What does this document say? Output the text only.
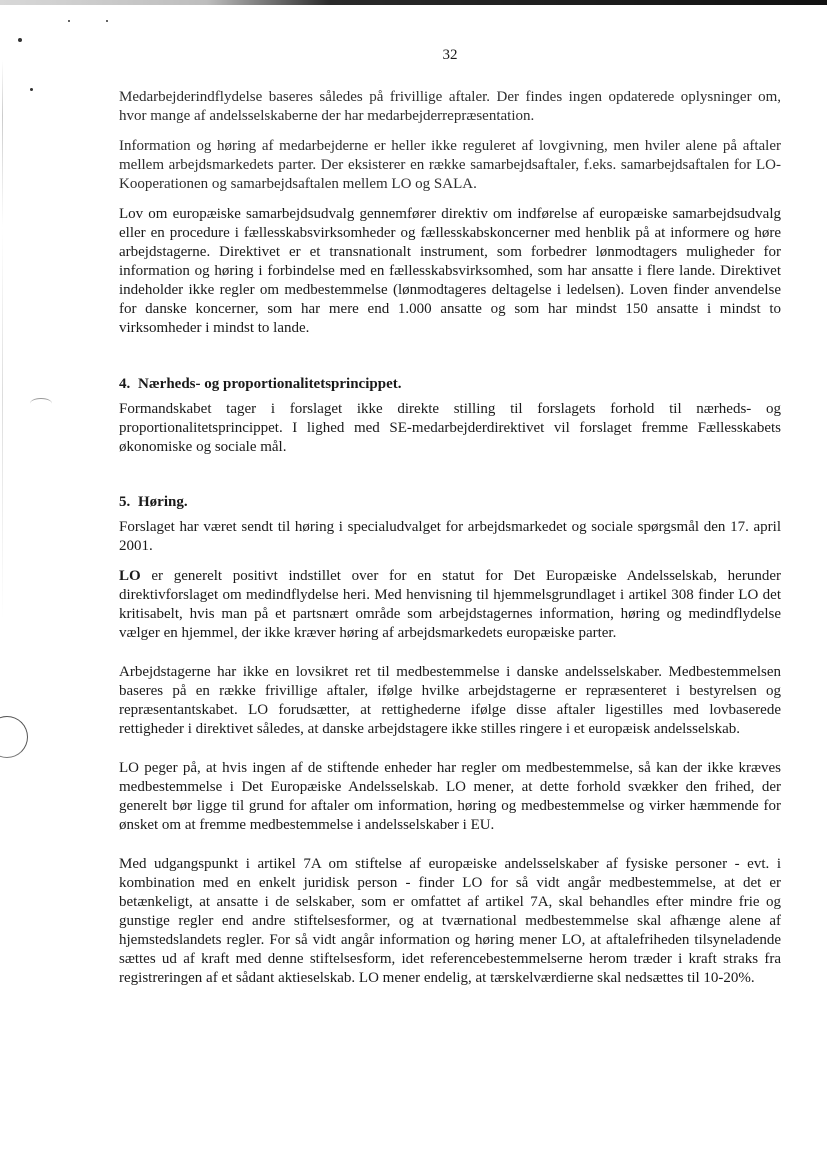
32

Medarbejderindflydelse baseres således på frivillige aftaler. Der findes ingen opdaterede oplysninger om, hvor mange af andelsselskaberne der har medarbejderrepræsentation.

Information og høring af medarbejderne er heller ikke reguleret af lovgivning, men hviler alene på aftaler mellem arbejdsmarkedets parter. Der eksisterer en række samarbejdsaftaler, f.eks. samarbejdsaftalen for LO-Kooperationen og samarbejdsaftalen mellem LO og SALA.

Lov om europæiske samarbejdsudvalg gennemfører direktiv om indførelse af europæiske samarbejdsudvalg eller en procedure i fællesskabsvirksomheder og fællesskabskoncerner med henblik på at informere og høre arbejdstagerne. Direktivet er et transnationalt instrument, som forbedrer lønmodtagers muligheder for information og høring i forbindelse med en fællesskabsvirksomhed, som har ansatte i flere lande. Direktivet indeholder ikke regler om medbestemmelse (lønmodtageres deltagelse i ledelsen). Loven finder anvendelse for danske koncerner, som har mere end 1.000 ansatte og som har mindst 150 ansatte i mindst to virksomheder i mindst to lande.

4. Nærheds- og proportionalitetsprincippet.

Formandskabet tager i forslaget ikke direkte stilling til forslagets forhold til nærheds- og proportionalitetsprincippet. I lighed med SE-medarbejderdirektivet vil forslaget fremme Fællesskabets økonomiske og sociale mål.

5. Høring.

Forslaget har været sendt til høring i specialudvalget for arbejdsmarkedet og sociale spørgsmål den 17. april 2001.

LO er generelt positivt indstillet over for en statut for Det Europæiske Andelsselskab, herunder direktivforslaget om medindflydelse heri. Med henvisning til hjemmelsgrundlaget i artikel 308 finder LO det kritisabelt, hvis man på et partsnært område som arbejdstagernes information, høring og medindflydelse vælger en hjemmel, der ikke kræver høring af arbejdsmarkedets europæiske parter.

Arbejdstagerne har ikke en lovsikret ret til medbestemmelse i danske andelsselskaber. Medbestemmelsen baseres på en række frivillige aftaler, ifølge hvilke arbejdstagerne er repræsenteret i bestyrelsen og repræsentantskabet. LO forudsætter, at rettighederne ifølge disse aftaler ligestilles med lovbaserede rettigheder i direktivet således, at danske arbejdstagere ikke stilles ringere i et europæisk andelsselskab.

LO peger på, at hvis ingen af de stiftende enheder har regler om medbestemmelse, så kan der ikke kræves medbestemmelse i Det Europæiske Andelsselskab. LO mener, at dette forhold svækker den frihed, der generelt bør ligge til grund for aftaler om information, høring og medbestemmelse og virker hæmmende for ønsket om at fremme medbestemmelse i andelsselskaber i EU.

Med udgangspunkt i artikel 7A om stiftelse af europæiske andelsselskaber af fysiske personer - evt. i kombination med en enkelt juridisk person - finder LO for så vidt angår medbestemmelse, at det er betænkeligt, at ansatte i de selskaber, som er omfattet af artikel 7A, skal behandles efter mindre frie og gunstige regler end andre stiftelsesformer, og at tværnational medbestemmelse skal afhænge alene af hjemstedslandets regler. For så vidt angår information og høring mener LO, at aftalefriheden tilsyneladende sættes ud af kraft med denne stiftelsesform, idet referencebestemmelserne herom træder i kraft straks fra registreringen af et sådant aktieselskab. LO mener endelig, at tærskelværdierne skal nedsættes til 10-20%.
